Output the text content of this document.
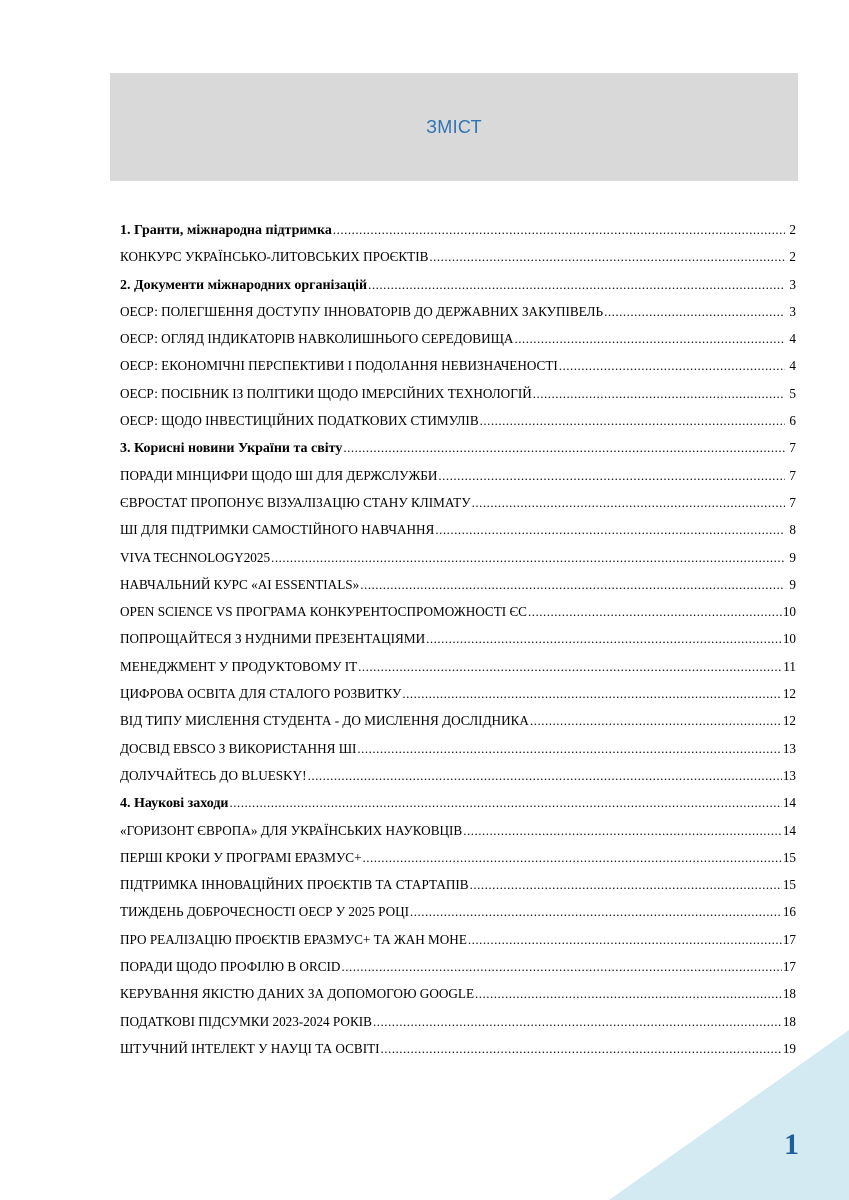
ЗМІСТ
1. Гранти, міжнародна підтримка .....	2
КОНКУРС УКРАЇНСЬКО-ЛИТОВСЬКИХ ПРОЄКТІВ .....	2
2. Документи міжнародних організацій .....	3
ОЕСР: ПОЛЕГШЕННЯ ДОСТУПУ ІННОВАТОРІВ ДО ДЕРЖАВНИХ ЗАКУПІВЕЛЬ .....	3
ОЕСР: ОГЛЯД ІНДИКАТОРІВ НАВКОЛИШНЬОГО СЕРЕДОВИЩА .....	4
ОЕСР: ЕКОНОМІЧНІ ПЕРСПЕКТИВИ І ПОДОЛАННЯ НЕВИЗНАЧЕНОСТІ .....	4
ОЕСР: ПОСІБНИК ІЗ ПОЛІТИКИ ЩОДО ІМЕРСІЙНИХ ТЕХНОЛОГІЙ .....	5
ОЕСР: ЩОДО ІНВЕСТИЦІЙНИХ ПОДАТКОВИХ СТИМУЛІВ .....	6
3. Корисні новини України та світу .....	7
ПОРАДИ МІНЦИФРИ ЩОДО ШІ ДЛЯ ДЕРЖСЛУЖБИ .....	7
ЄВРОСТАТ ПРОПОНУЄ ВІЗУАЛІЗАЦІЮ СТАНУ КЛІМАТУ .....	7
ШІ ДЛЯ ПІДТРИМКИ САМОСТІЙНОГО НАВЧАННЯ .....	8
VIVA TECHNOLOGY2025 .....	9
НАВЧАЛЬНИЙ КУРС «AI ESSENTIALS» .....	9
OPEN SCIENCE VS ПРОГРАМА КОНКУРЕНТОСПРОМОЖНОСТІ ЄС .....	10
ПОПРОЩАЙТЕСЯ З НУДНИМИ ПРЕЗЕНТАЦІЯМИ .....	10
МЕНЕДЖМЕНТ У ПРОДУКТОВОМУ IT .....	11
ЦИФРОВА ОСВІТА ДЛЯ СТАЛОГО РОЗВИТКУ .....	12
ВІД ТИПУ МИСЛЕННЯ СТУДЕНТА - ДО МИСЛЕННЯ ДОСЛІДНИКА .....	12
ДОСВІД EBSCO З ВИКОРИСТАННЯ ШІ .....	13
ДОЛУЧАЙТЕСЬ ДО BLUESKY! .....	13
4. Наукові заходи .....	14
«ГОРИЗОНТ ЄВРОПА» ДЛЯ УКРАЇНСЬКИХ НАУКОВЦІВ .....	14
ПЕРШІ КРОКИ У ПРОГРАМІ ЕРАЗМУС+ .....	15
ПІДТРИМКА ІННОВАЦІЙНИХ ПРОЄКТІВ ТА СТАРТАПІВ .....	15
ТИЖДЕНЬ ДОБРОЧЕСНОСТІ ОЕСР У 2025 РОЦІ .....	16
ПРО РЕАЛІЗАЦІЮ ПРОЄКТІВ ЕРАЗМУС+ ТА ЖАН МОНЕ .....	17
ПОРАДИ ЩОДО ПРОФІЛЮ В ORCID .....	17
КЕРУВАННЯ ЯКІСТЮ ДАНИХ ЗА ДОПОМОГОЮ GOOGLE .....	18
ПОДАТКОВІ ПІДСУМКИ 2023-2024 РОКІВ .....	18
ШТУЧНИЙ ІНТЕЛЕКТ У НАУЦІ ТА ОСВІТІ .....	19
1
